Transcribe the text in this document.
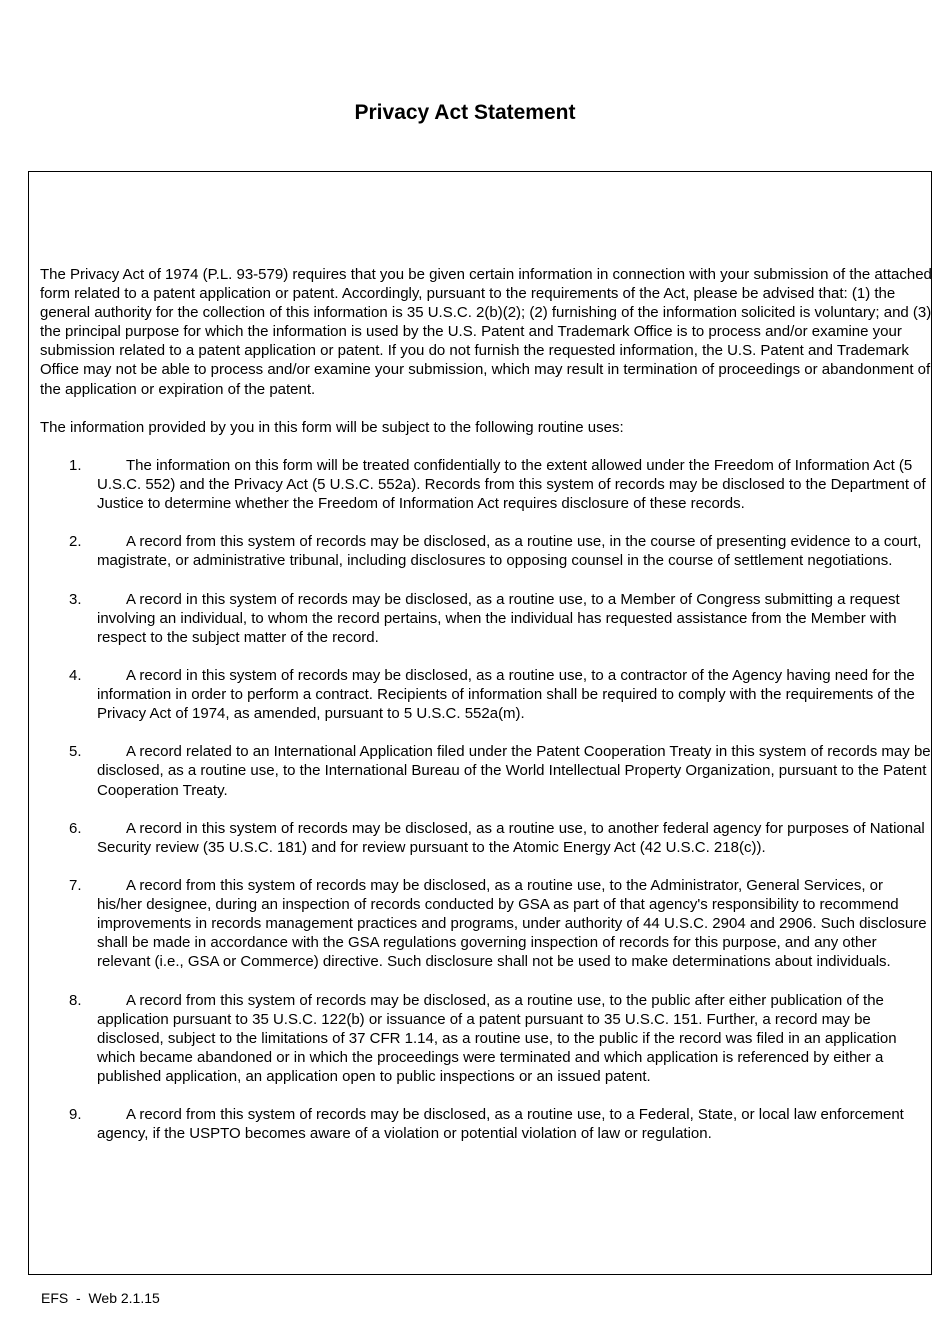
Privacy Act Statement

The Privacy Act of 1974 (P.L. 93-579) requires that you be given certain information in connection with your submission of the attached form related to a patent application or patent. Accordingly, pursuant to the requirements of the Act, please be advised that: (1) the general authority for the collection of this information is 35 U.S.C. 2(b)(2); (2) furnishing of the information solicited is voluntary; and (3) the principal purpose for which the information is used by the U.S. Patent and Trademark Office is to process and/or examine your submission related to a patent application or patent. If you do not furnish the requested information, the U.S. Patent and Trademark Office may not be able to process and/or examine your submission, which may result in termination of proceedings or abandonment of the application or expiration of the patent.

The information provided by you in this form will be subject to the following routine uses:

1.	The information on this form will be treated confidentially to the extent allowed under the Freedom of Information Act (5 U.S.C. 552) and the Privacy Act (5 U.S.C. 552a). Records from this system of records may be disclosed to the Department of Justice to determine whether the Freedom of Information Act requires disclosure of these records.
2.	A record from this system of records may be disclosed, as a routine use, in the course of presenting evidence to a court, magistrate, or administrative tribunal, including disclosures to opposing counsel in the course of settlement negotiations.
3.	A record in this system of records may be disclosed, as a routine use, to a Member of Congress submitting a request involving an individual, to whom the record pertains, when the individual has requested assistance from the Member with respect to the subject matter of the record.
4.	A record in this system of records may be disclosed, as a routine use, to a contractor of the Agency having need for the information in order to perform a contract. Recipients of information shall be required to comply with the requirements of the Privacy Act of 1974, as amended, pursuant to 5 U.S.C. 552a(m).
5.	A record related to an International Application filed under the Patent Cooperation Treaty in this system of records may be disclosed, as a routine use, to the International Bureau of the World Intellectual Property Organization, pursuant to the Patent Cooperation Treaty.
6.	A record in this system of records may be disclosed, as a routine use, to another federal agency for purposes of National Security review (35 U.S.C. 181) and for review pursuant to the Atomic Energy Act (42 U.S.C. 218(c)).
7.	A record from this system of records may be disclosed, as a routine use, to the Administrator, General Services, or his/her designee, during an inspection of records conducted by GSA as part of that agency's responsibility to recommend improvements in records management practices and programs, under authority of 44 U.S.C. 2904 and 2906. Such disclosure shall be made in accordance with the GSA regulations governing inspection of records for this purpose, and any other relevant (i.e., GSA or Commerce) directive. Such disclosure shall not be used to make determinations about individuals.
8.	A record from this system of records may be disclosed, as a routine use, to the public after either publication of the application pursuant to 35 U.S.C. 122(b) or issuance of a patent pursuant to 35 U.S.C. 151. Further, a record may be disclosed, subject to the limitations of 37 CFR 1.14, as a routine use, to the public if the record was filed in an application which became abandoned or in which the proceedings were terminated and which application is referenced by either a published application, an application open to public inspections or an issued patent.
9.	A record from this system of records may be disclosed, as a routine use, to a Federal, State, or local law enforcement agency, if the USPTO becomes aware of a violation or potential violation of law or regulation.
EFS  -  Web 2.1.15
